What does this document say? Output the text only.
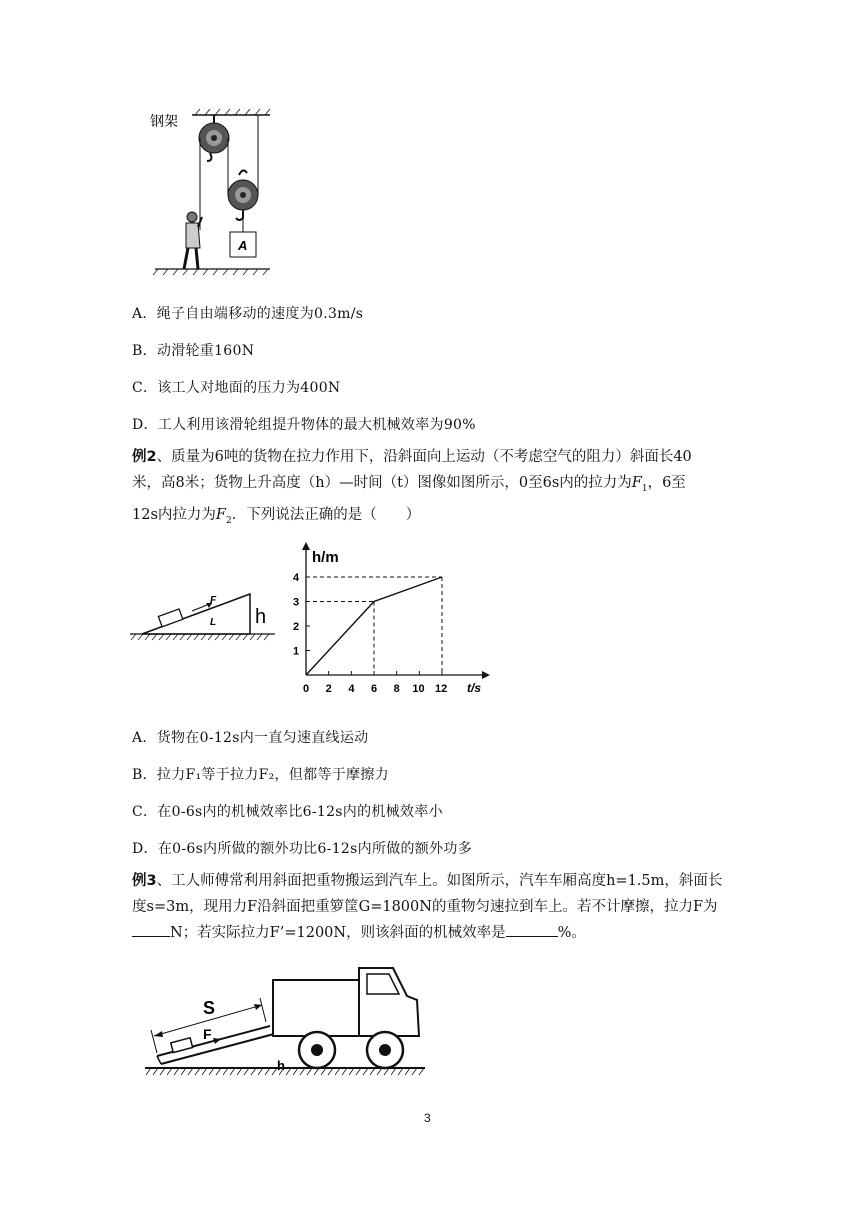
钢架
A
A．绳子自由端移动的速度为0.3m/s
B．动滑轮重160N
C．该工人对地面的压力为400N
D．工人利用该滑轮组提升物体的最大机械效率为90%
例2、质量为6吨的货物在拉力作用下，沿斜面向上运动（不考虑空气的阻力）斜面长40
米，高8米；货物上升高度（h）—时间（t）图像如图所示，0至6s内的拉力为$F_1$，6至
12s内拉力为$F_2$．下列说法正确的是（　　）
F
L h
h/m
t/s
0 2 4 6 8 10 12
1
2
3
4
A．货物在0-12s内一直匀速直线运动
B．拉力F₁等于拉力F₂，但都等于摩擦力
C．在0-6s内的机械效率比6-12s内的机械效率小
D．在0-6s内所做的额外功比6-12s内所做的额外功多
例3、工人师傅常利用斜面把重物搬运到汽车上。如图所示，汽车车厢高度h=1.5m，斜面长
度s=3m，现用力F沿斜面把重箩筐G=1800N的重物匀速拉到车上。若不计摩擦，拉力F为
N；若实际拉力F’=1200N，则该斜面的机械效率是	%。
S
F
h
3
